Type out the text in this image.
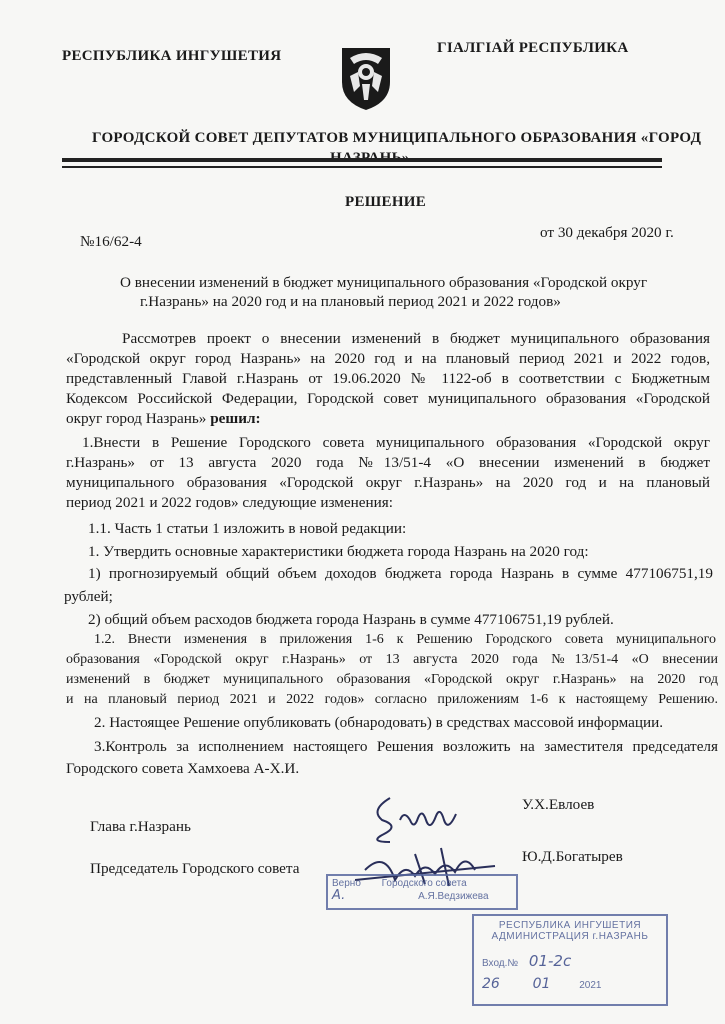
РЕСПУБЛИКА ИНГУШЕТИЯ	ГIАЛГIАЙ РЕСПУБЛИКА
ГОРОДСКОЙ СОВЕТ ДЕПУТАТОВ МУНИЦИПАЛЬНОГО ОБРАЗОВАНИЯ «ГОРОД
РЕШЕНИЕ
№16/62-4
от 30 декабря 2020 г.
О внесении изменений в бюджет муниципального образования «Городской округ
г.Назрань» на 2020 год и на плановый период 2021 и 2022 годов»
Рассмотрев проект о внесении изменений в бюджет муниципального образования
«Городской округ город Назрань» на 2020 год и на плановый период 2021 и 2022 годов,
представленный Главой г.Назрань от 19.06.2020 № 1122-об в соответствии с Бюджетным
Кодексом Российской Федерации, Городской совет муниципального образования «Городской
округ город Назрань» решил:
1.Внести в Решение Городского совета муниципального образования «Городской округ
г.Назрань» от 13 августа 2020 года №13/51-4 «О внесении изменений в бюджет
муниципального образования «Городской округ г.Назрань» на 2020 год и на плановый
период 2021 и 2022 годов» следующие изменения:
1.1. Часть 1 статьи 1 изложить в новой редакции:
1. Утвердить основные характеристики бюджета города Назрань на 2020 год:
1) прогнозируемый общий объем доходов бюджета города Назрань в сумме 477106751,19
рублей;
2) общий объем расходов бюджета города Назрань в сумме 477106751,19 рублей.
1.2. Внести изменения в приложения 1-6 к Решению Городского совета муниципального
образования «Городской округ г.Назрань» от 13 августа 2020 года №13/51-4 «О внесении
изменений в бюджет муниципального образования «Городской округ г.Назрань» на 2020 год
и на плановый период 2021 и 2022 годов» согласно приложениям 1-6 к настоящему Решению.
2. Настоящее Решение опубликовать (обнародовать) в средствах массовой информации.
3.Контроль за исполнением настоящего Решения возложить на заместителя председателя
Городского совета Хамхоева А-Х.И.
Глава г.Назрань
У.Х.Евлоев
Председатель Городского совета
Ю.Д.Богатырев
Верно Городского совета
A.	А.Я.Ведзижева
РЕСПУБЛИКА ИНГУШЕТИЯ
АДМИНИСТРАЦИЯ г.НАЗРАНЬ
Вход.№ 01-2с
26 01	2021
